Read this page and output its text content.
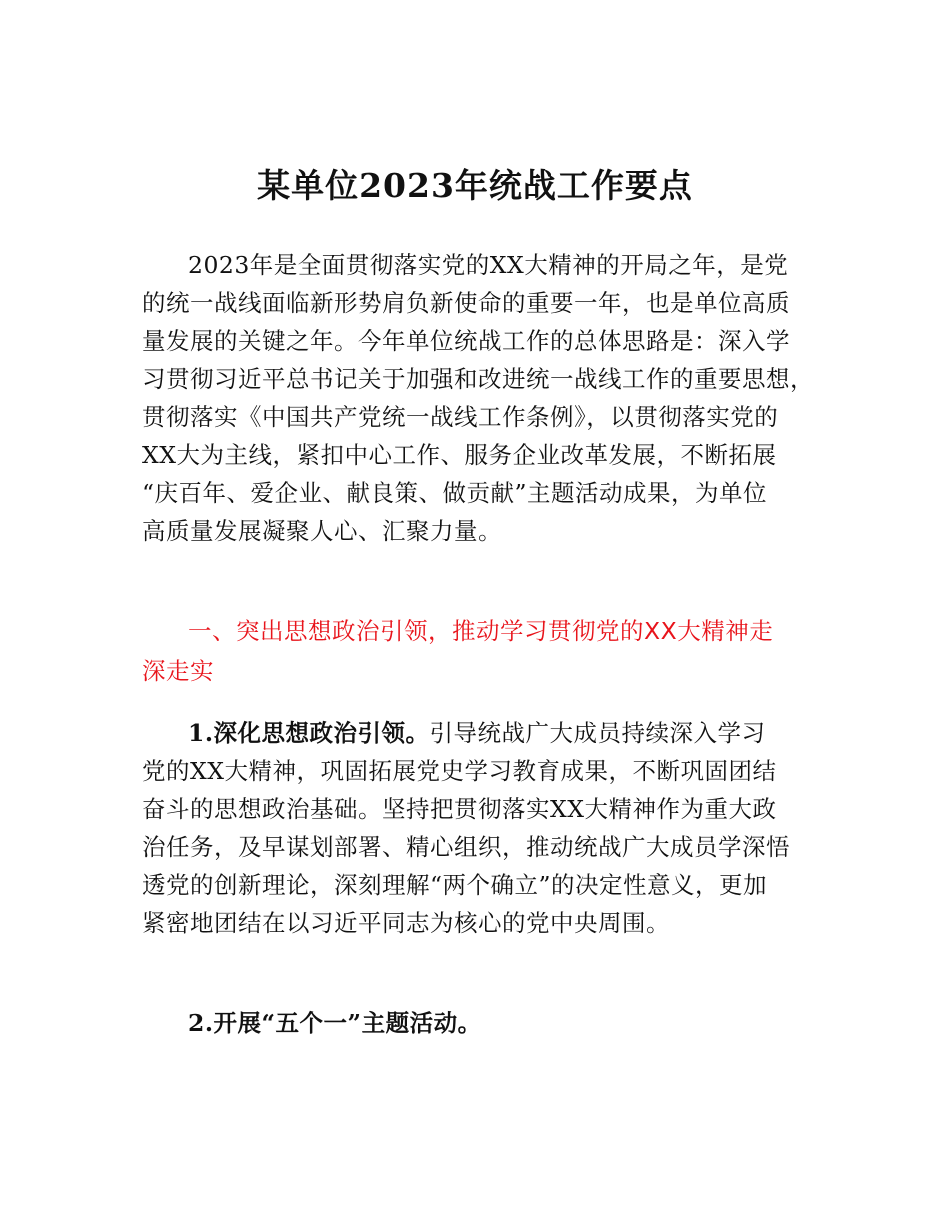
某单位2023年统战工作要点
2023年是全面贯彻落实党的XX大精神的开局之年，是党
的统一战线面临新形势肩负新使命的重要一年，也是单位高质
量发展的关键之年。今年单位统战工作的总体思路是：深入学
习贯彻习近平总书记关于加强和改进统一战线工作的重要思想，
贯彻落实《中国共产党统一战线工作条例》，以贯彻落实党的
XX大为主线，紧扣中心工作、服务企业改革发展，不断拓展
“庆百年、爱企业、献良策、做贡献”主题活动成果，为单位
高质量发展凝聚人心、汇聚力量。
一、突出思想政治引领，推动学习贯彻党的XX大精神走
深走实
1.深化思想政治引领。引导统战广大成员持续深入学习
党的XX大精神，巩固拓展党史学习教育成果，不断巩固团结
奋斗的思想政治基础。坚持把贯彻落实XX大精神作为重大政
治任务，及早谋划部署、精心组织，推动统战广大成员学深悟
透党的创新理论，深刻理解“两个确立”的决定性意义，更加
紧密地团结在以习近平同志为核心的党中央周围。
2.开展“五个一”主题活动。
